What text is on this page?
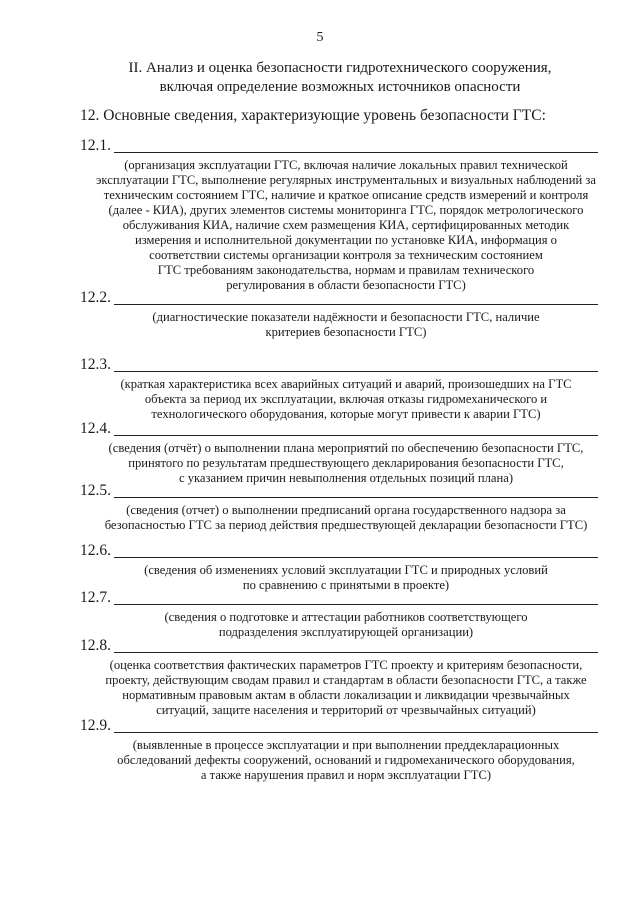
5
II. Анализ и оценка безопасности гидротехнического сооружения,
включая определение возможных источников опасности
12. Основные сведения, характеризующие уровень безопасности ГТС:
12.1.
(организация эксплуатации ГТС, включая наличие локальных правил технической
эксплуатации ГТС, выполнение регулярных инструментальных и визуальных наблюдений за
техническим состоянием ГТС, наличие и краткое описание средств измерений и контроля
(далее - КИА), других элементов системы мониторинга ГТС, порядок метрологического
обслуживания КИА, наличие схем размещения КИА, сертифицированных методик
измерения и исполнительной документации по установке КИА, информация о
соответствии системы организации контроля за техническим состоянием
ГТС требованиям законодательства, нормам и правилам технического
регулирования в области безопасности ГТС)
12.2.
(диагностические показатели надёжности и безопасности ГТС, наличие
критериев безопасности ГТС)
12.3.
(краткая характеристика всех аварийных ситуаций и аварий, произошедших на ГТС
объекта за период их эксплуатации, включая отказы гидромеханического и
технологического оборудования, которые могут привести к аварии ГТС)
12.4.
(сведения (отчёт) о выполнении плана мероприятий по обеспечению безопасности ГТС,
принятого по результатам предшествующего декларирования безопасности ГТС,
с указанием причин невыполнения отдельных позиций плана)
12.5.
(сведения (отчет) о выполнении предписаний органа государственного надзора за
безопасностью ГТС за период действия предшествующей декларации безопасности ГТС)
12.6.
(сведения об изменениях условий эксплуатации ГТС и природных условий
по сравнению с принятыми в проекте)
12.7.
(сведения о подготовке и аттестации работников соответствующего
подразделения эксплуатирующей организации)
12.8.
(оценка соответствия фактических параметров ГТС проекту и критериям безопасности,
проекту, действующим сводам правил и стандартам в области безопасности ГТС, а также
нормативным правовым актам в области локализации и ликвидации чрезвычайных
ситуаций, защите населения и территорий от чрезвычайных ситуаций)
12.9.
(выявленные в процессе эксплуатации и при выполнении преддекларационных
обследований дефекты сооружений, оснований и гидромеханического оборудования,
а также нарушения правил и норм эксплуатации ГТС)
